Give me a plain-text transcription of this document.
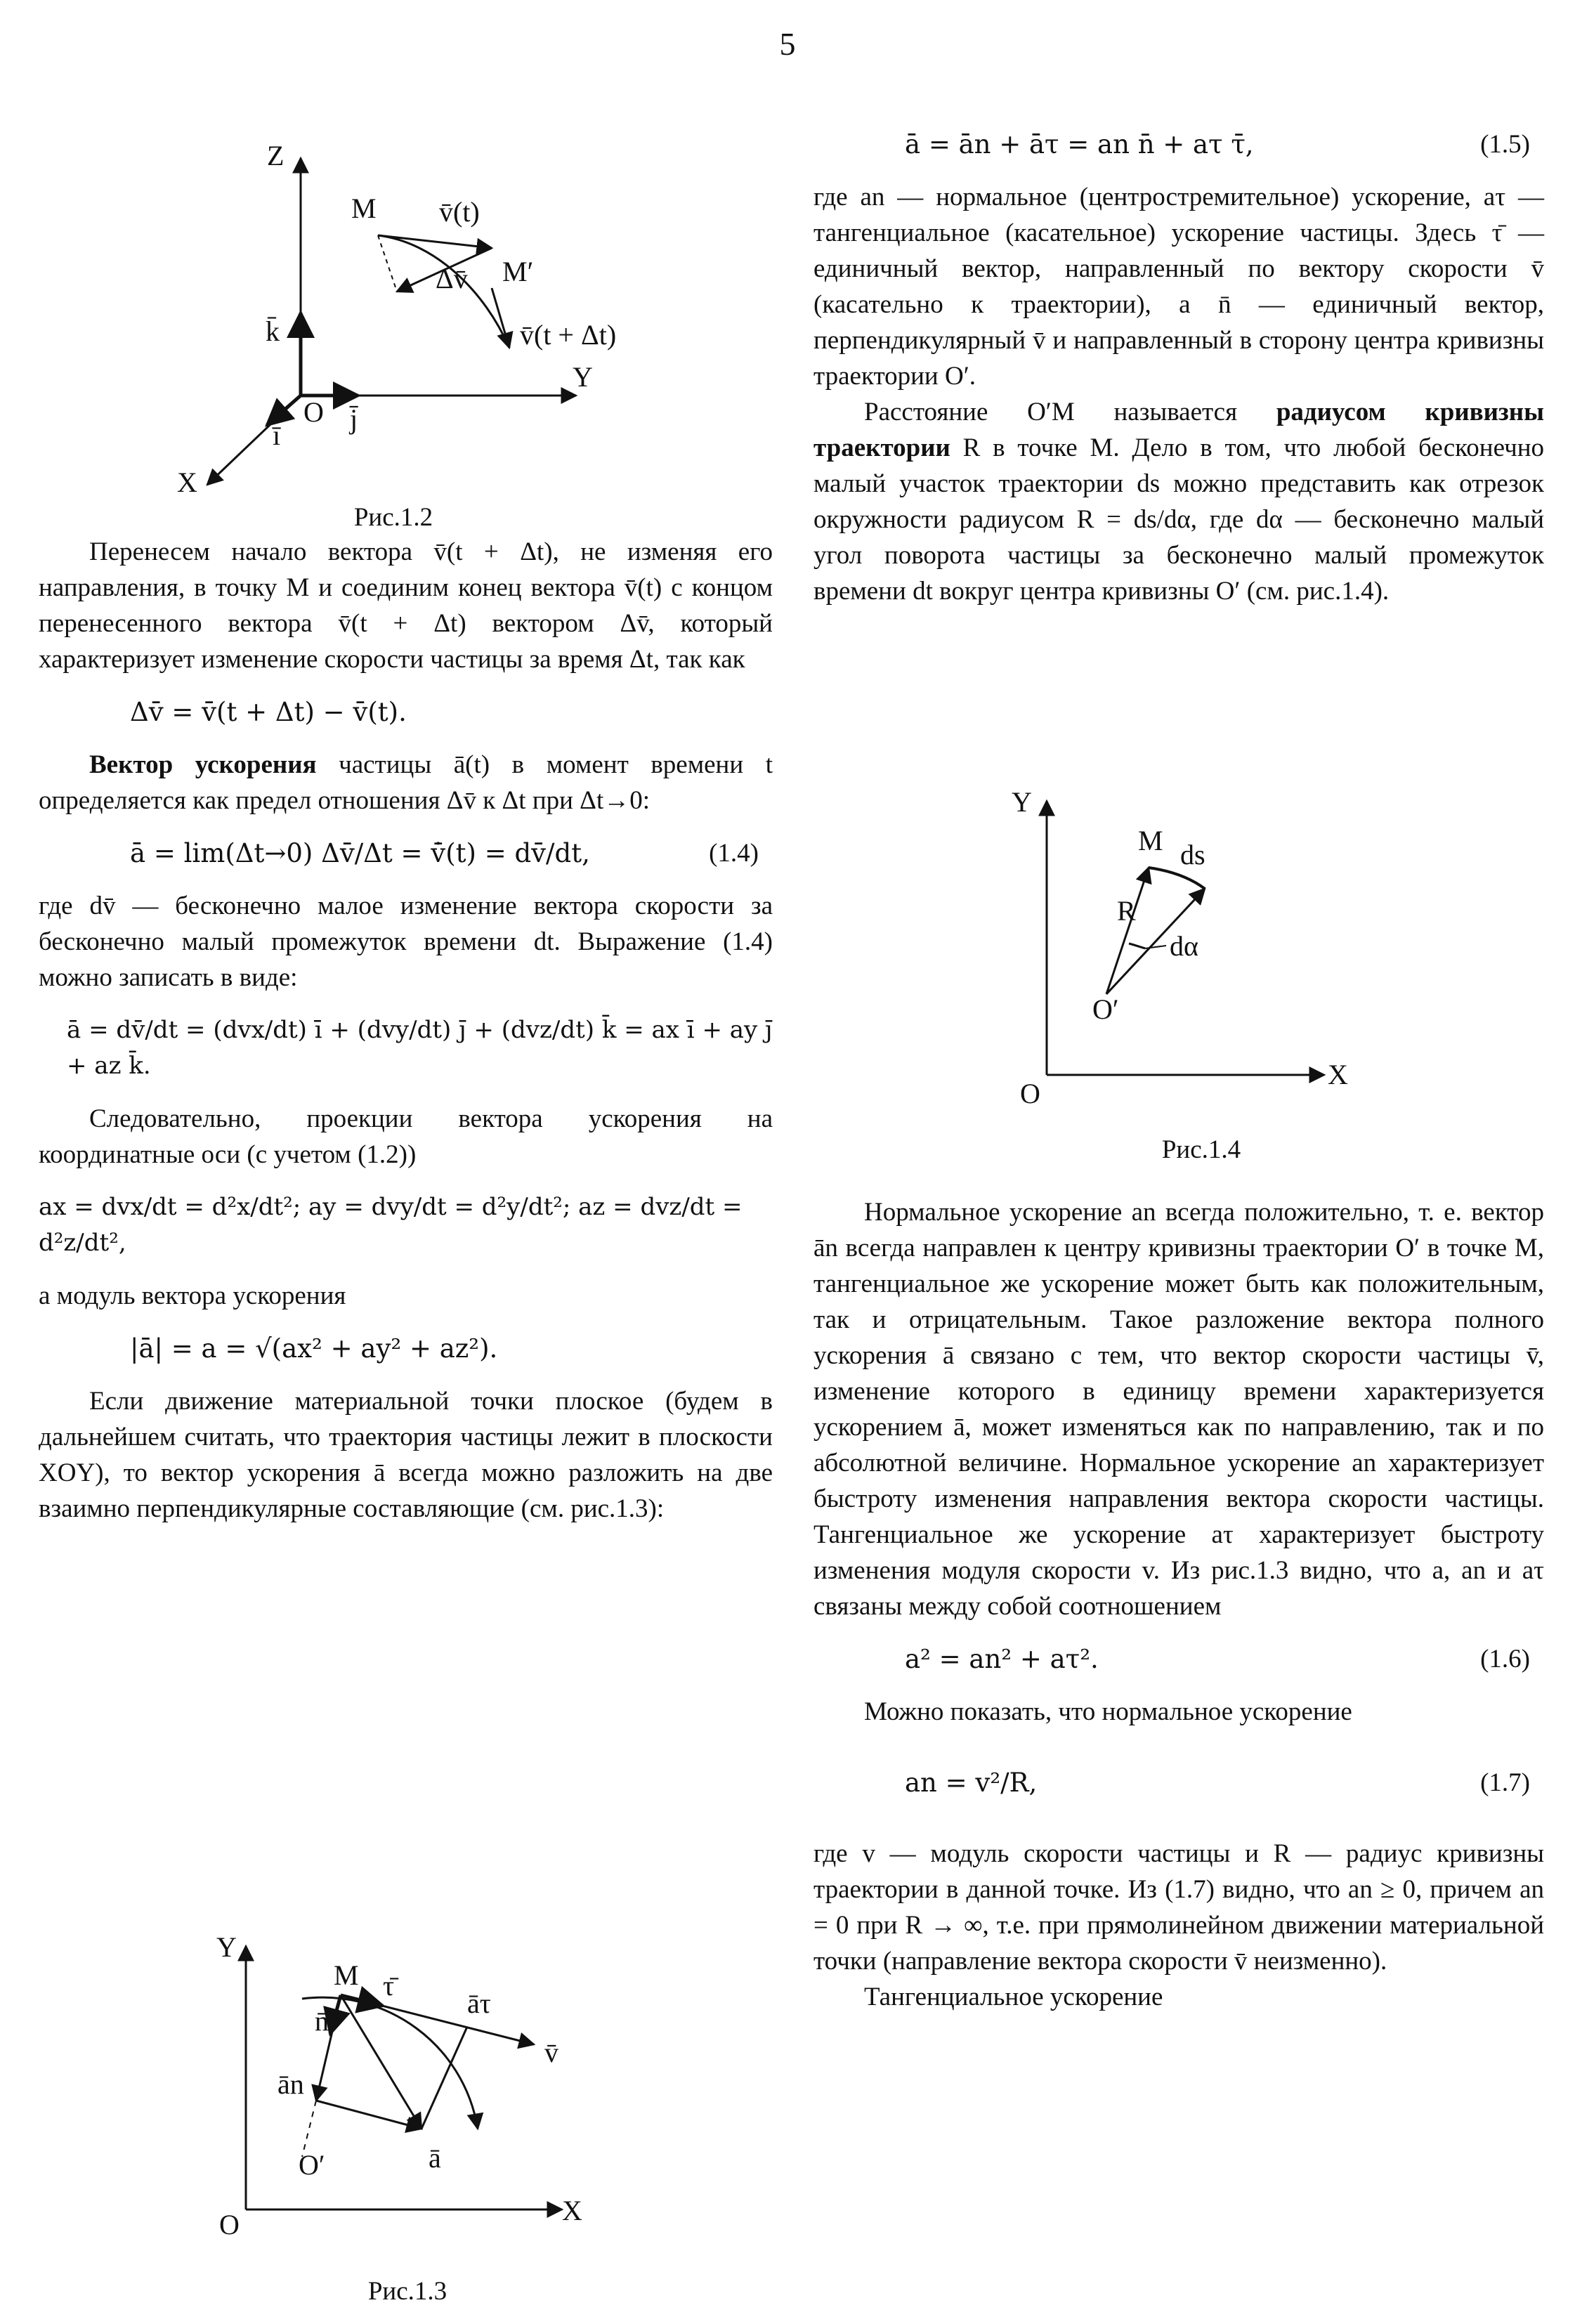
5
Z
Y
X
O
ī
j̄
k̄
M v̄(t)
Δv̄ M′
v̄(t + Δt)
Рис.1.2

Перенесем начало вектора v̄(t + Δt), не изменяя его направления, в точку М и соединим конец вектора v̄(t) с концом перенесенного вектора v̄(t + Δt) вектором Δv̄, который характеризует изменение скорости частицы за время Δt, так как

Δv̄ = v̄(t + Δt) − v̄(t).

Вектор ускорения частицы ā(t) в момент времени t определяется как предел отношения Δv̄ к Δt при Δt→0:

ā = lim(Δt→0) Δv̄/Δt = v̄̇(t) = dv̄/dt,	(1.4)

где dv̄ — бесконечно малое изменение вектора скорости за бесконечно малый промежуток времени dt. Выражение (1.4) можно записать в виде:

ā = dv̄/dt = (dvx/dt) ī + (dvy/dt) j̄ + (dvz/dt) k̄ = ax ī + ay j̄ + az k̄.

Следовательно, проекции вектора ускорения на координатные оси (с учетом (1.2))

ax = dvx/dt = d²x/dt²; ay = dvy/dt = d²y/dt²; az = dvz/dt = d²z/dt²,

а модуль вектора ускорения

|ā| = a = √(ax² + ay² + az²).

Если движение материальной точки плоское (будем в дальнейшем считать, что траектория частицы лежит в плоскости XOY), то вектор ускорения ā всегда можно разложить на две взаимно перпендикулярные составляющие (см. рис.1.3):

Y
X
O
M τ̄
āτ
v̄
n̄
ān
ā
O′
Рис.1.3
ā = ān + āτ = an n̄ + aτ τ̄,	(1.5)

где an — нормальное (центростремительное) ускорение, aτ — тангенциальное (касательное) ускорение частицы. Здесь τ̄ — единичный вектор, направленный по вектору скорости v̄ (касательно к траектории), а n̄ — единичный вектор, перпендикулярный v̄ и направленный в сторону центра кривизны траектории О′.

Расстояние О′М называется радиусом кривизны траектории R в точке М. Дело в том, что любой бесконечно малый участок траектории ds можно представить как отрезок окружности радиусом R = ds/dα, где dα — бесконечно малый угол поворота частицы за бесконечно малый промежуток времени dt вокруг центра кривизны О′ (см. рис.1.4).

Y
X
O
M ds
R
dα
O′
Рис.1.4

Нормальное ускорение an всегда положительно, т. е. вектор ān всегда направлен к центру кривизны траектории О′ в точке М, тангенциальное же ускорение может быть как положительным, так и отрицательным. Такое разложение вектора полного ускорения ā связано с тем, что вектор скорости частицы v̄, изменение которого в единицу времени характеризуется ускорением ā, может изменяться как по направлению, так и по абсолютной величине. Нормальное ускорение an характеризует быстроту изменения направления вектора скорости частицы. Тангенциальное же ускорение aτ характеризует быстроту изменения модуля скорости v. Из рис.1.3 видно, что a, an и aτ связаны между собой соотношением

a² = an² + aτ².	(1.6)

Можно показать, что нормальное ускорение

an = v²/R,	(1.7)

где v — модуль скорости частицы и R — радиус кривизны траектории в данной точке. Из (1.7) видно, что an ≥ 0, причем an = 0 при R → ∞, т.е. при прямолинейном движении материальной точки (направление вектора скорости v̄ неизменно).

Тангенциальное ускорение
